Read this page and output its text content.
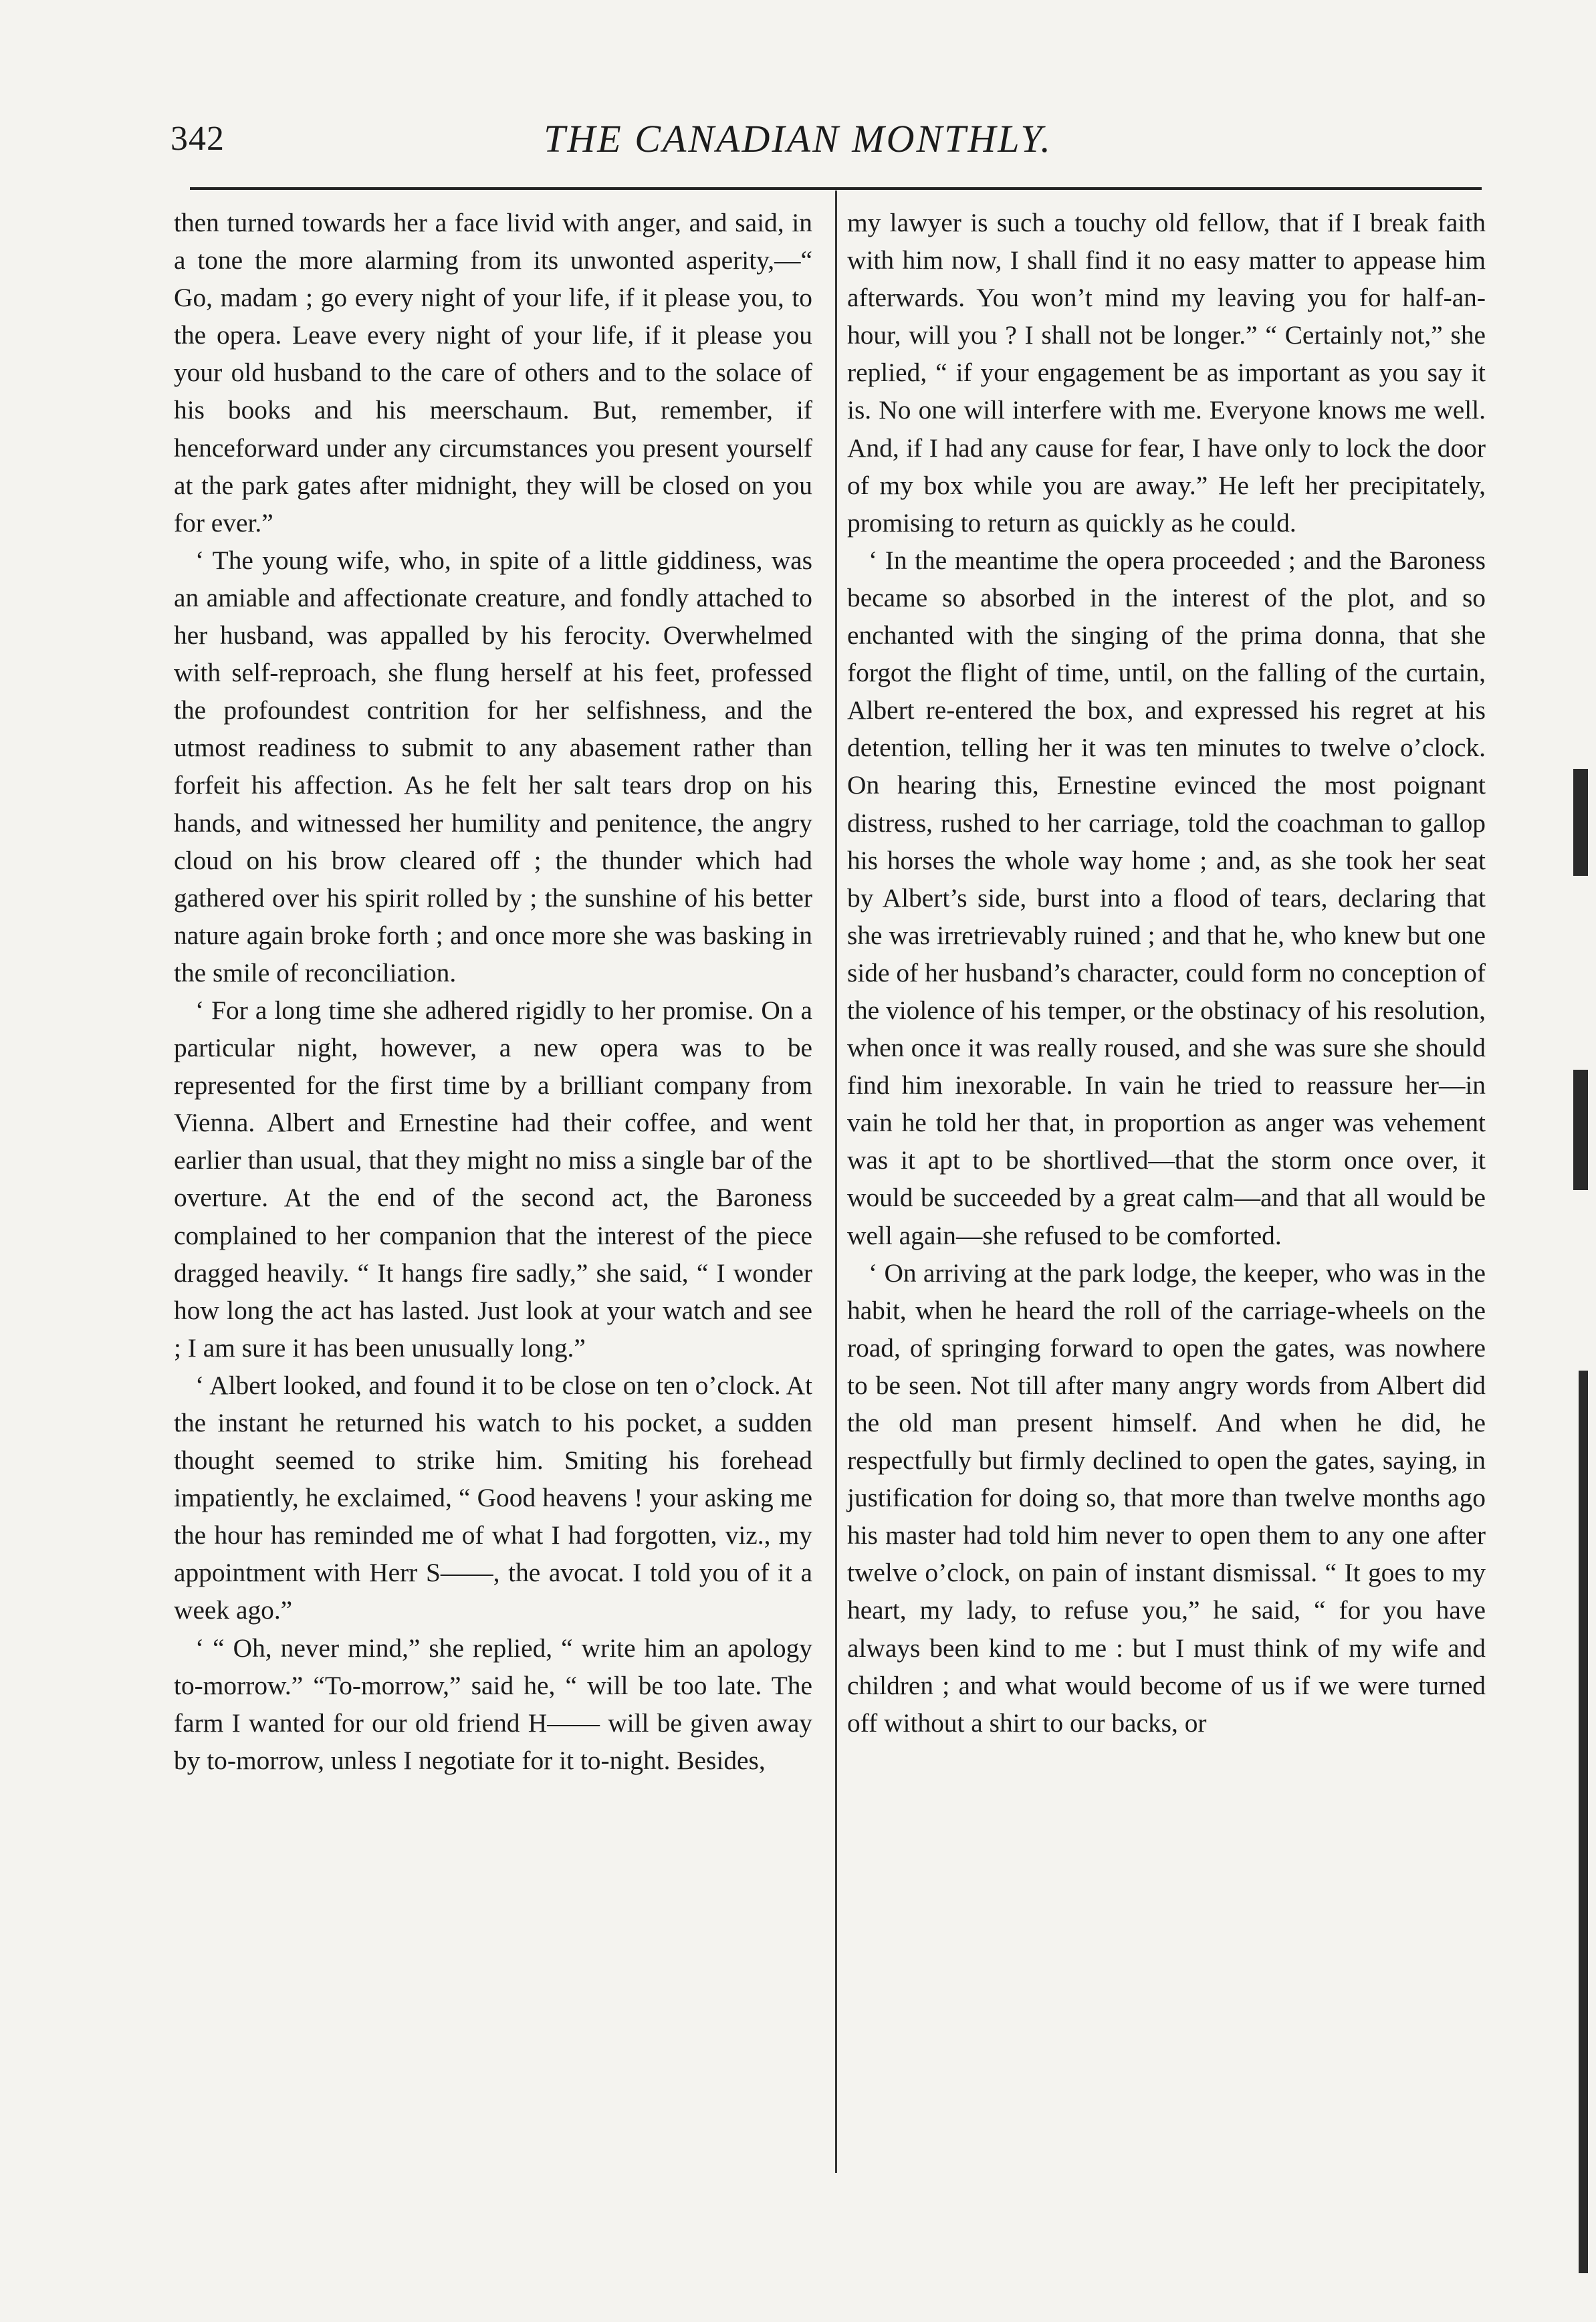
342	THE CANADIAN MONTHLY.

then turned towards her a face livid with anger, and said, in a tone the more alarming from its unwonted asperity,—“ Go, madam ; go every night of your life, if it please you, to the opera. Leave every night of your life, if it please you your old husband to the care of others and to the solace of his books and his meerschaum. But, remember, if henceforward under any circumstances you present yourself at the park gates after midnight, they will be closed on you for ever.”

‘ The young wife, who, in spite of a little giddiness, was an amiable and affectionate creature, and fondly attached to her husband, was appalled by his ferocity. Overwhelmed with self-reproach, she flung herself at his feet, professed the profoundest contrition for her selfishness, and the utmost readiness to submit to any abasement rather than forfeit his affection. As he felt her salt tears drop on his hands, and witnessed her humility and penitence, the angry cloud on his brow cleared off ; the thunder which had gathered over his spirit rolled by ; the sunshine of his better nature again broke forth ; and once more she was basking in the smile of reconciliation.

‘ For a long time she adhered rigidly to her promise. On a particular night, however, a new opera was to be represented for the first time by a brilliant company from Vienna. Albert and Ernestine had their coffee, and went earlier than usual, that they might no miss a single bar of the overture. At the end of the second act, the Baroness complained to her companion that the interest of the piece dragged heavily. “ It hangs fire sadly,” she said, “ I wonder how long the act has lasted. Just look at your watch and see ; I am sure it has been unusually long.”

‘ Albert looked, and found it to be close on ten o’clock. At the instant he returned his watch to his pocket, a sudden thought seemed to strike him. Smiting his forehead impatiently, he exclaimed, “ Good heavens ! your asking me the hour has reminded me of what I had forgotten, viz., my appointment with Herr S——, the avocat. I told you of it a week ago.”

‘ “ Oh, never mind,” she replied, “ write him an apology to-morrow.” “To-morrow,” said he, “ will be too late. The farm I wanted for our old friend H—— will be given away by to-morrow, unless I negotiate for it to-night. Besides,

my lawyer is such a touchy old fellow, that if I break faith with him now, I shall find it no easy matter to appease him afterwards. You won’t mind my leaving you for half-an-hour, will you ? I shall not be longer.” “ Certainly not,” she replied, “ if your engagement be as important as you say it is. No one will interfere with me. Everyone knows me well. And, if I had any cause for fear, I have only to lock the door of my box while you are away.” He left her precipitately, promising to return as quickly as he could.

‘ In the meantime the opera proceeded ; and the Baroness became so absorbed in the interest of the plot, and so enchanted with the singing of the prima donna, that she forgot the flight of time, until, on the falling of the curtain, Albert re-entered the box, and expressed his regret at his detention, telling her it was ten minutes to twelve o’clock. On hearing this, Ernestine evinced the most poignant distress, rushed to her carriage, told the coachman to gallop his horses the whole way home ; and, as she took her seat by Albert’s side, burst into a flood of tears, declaring that she was irretrievably ruined ; and that he, who knew but one side of her husband’s character, could form no conception of the violence of his temper, or the obstinacy of his resolution, when once it was really roused, and she was sure she should find him inexorable. In vain he tried to reassure her—in vain he told her that, in proportion as anger was vehement was it apt to be shortlived—that the storm once over, it would be succeeded by a great calm—and that all would be well again—she refused to be comforted.

‘ On arriving at the park lodge, the keeper, who was in the habit, when he heard the roll of the carriage-wheels on the road, of springing forward to open the gates, was nowhere to be seen. Not till after many angry words from Albert did the old man present himself. And when he did, he respectfully but firmly declined to open the gates, saying, in justification for doing so, that more than twelve months ago his master had told him never to open them to any one after twelve o’clock, on pain of instant dismissal. “ It goes to my heart, my lady, to refuse you,” he said, “ for you have always been kind to me : but I must think of my wife and children ; and what would become of us if we were turned off without a shirt to our backs, or
